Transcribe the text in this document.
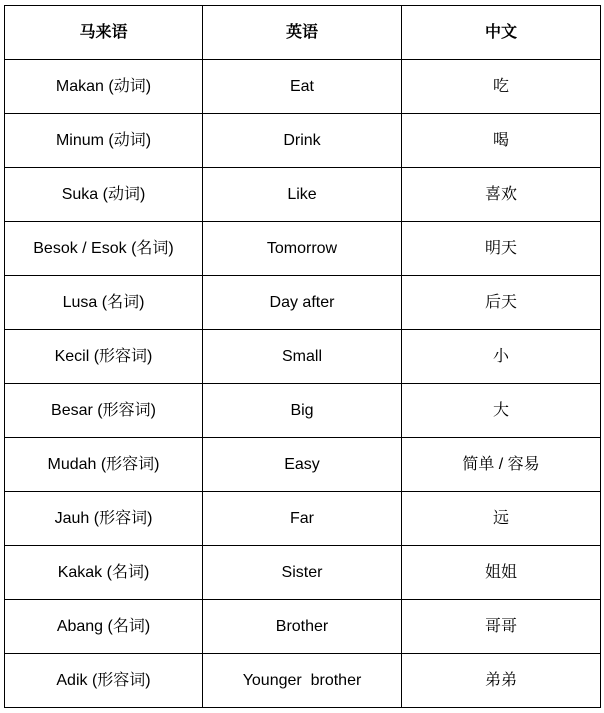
马来语	英语	中文
Makan (动词)	Eat	吃
Minum (动词)	Drink	喝
Suka (动词)	Like	喜欢
Besok / Esok (名词)	Tomorrow	明天
Lusa (名词)	Day after	后天
Kecil (形容词)	Small	小
Besar (形容词)	Big	大
Mudah (形容词)	Easy	简单 / 容易
Jauh (形容词)	Far	远
Kakak (名词)	Sister	姐姐
Abang (名词)	Brother	哥哥
Adik (形容词)	Younger  brother	弟弟
